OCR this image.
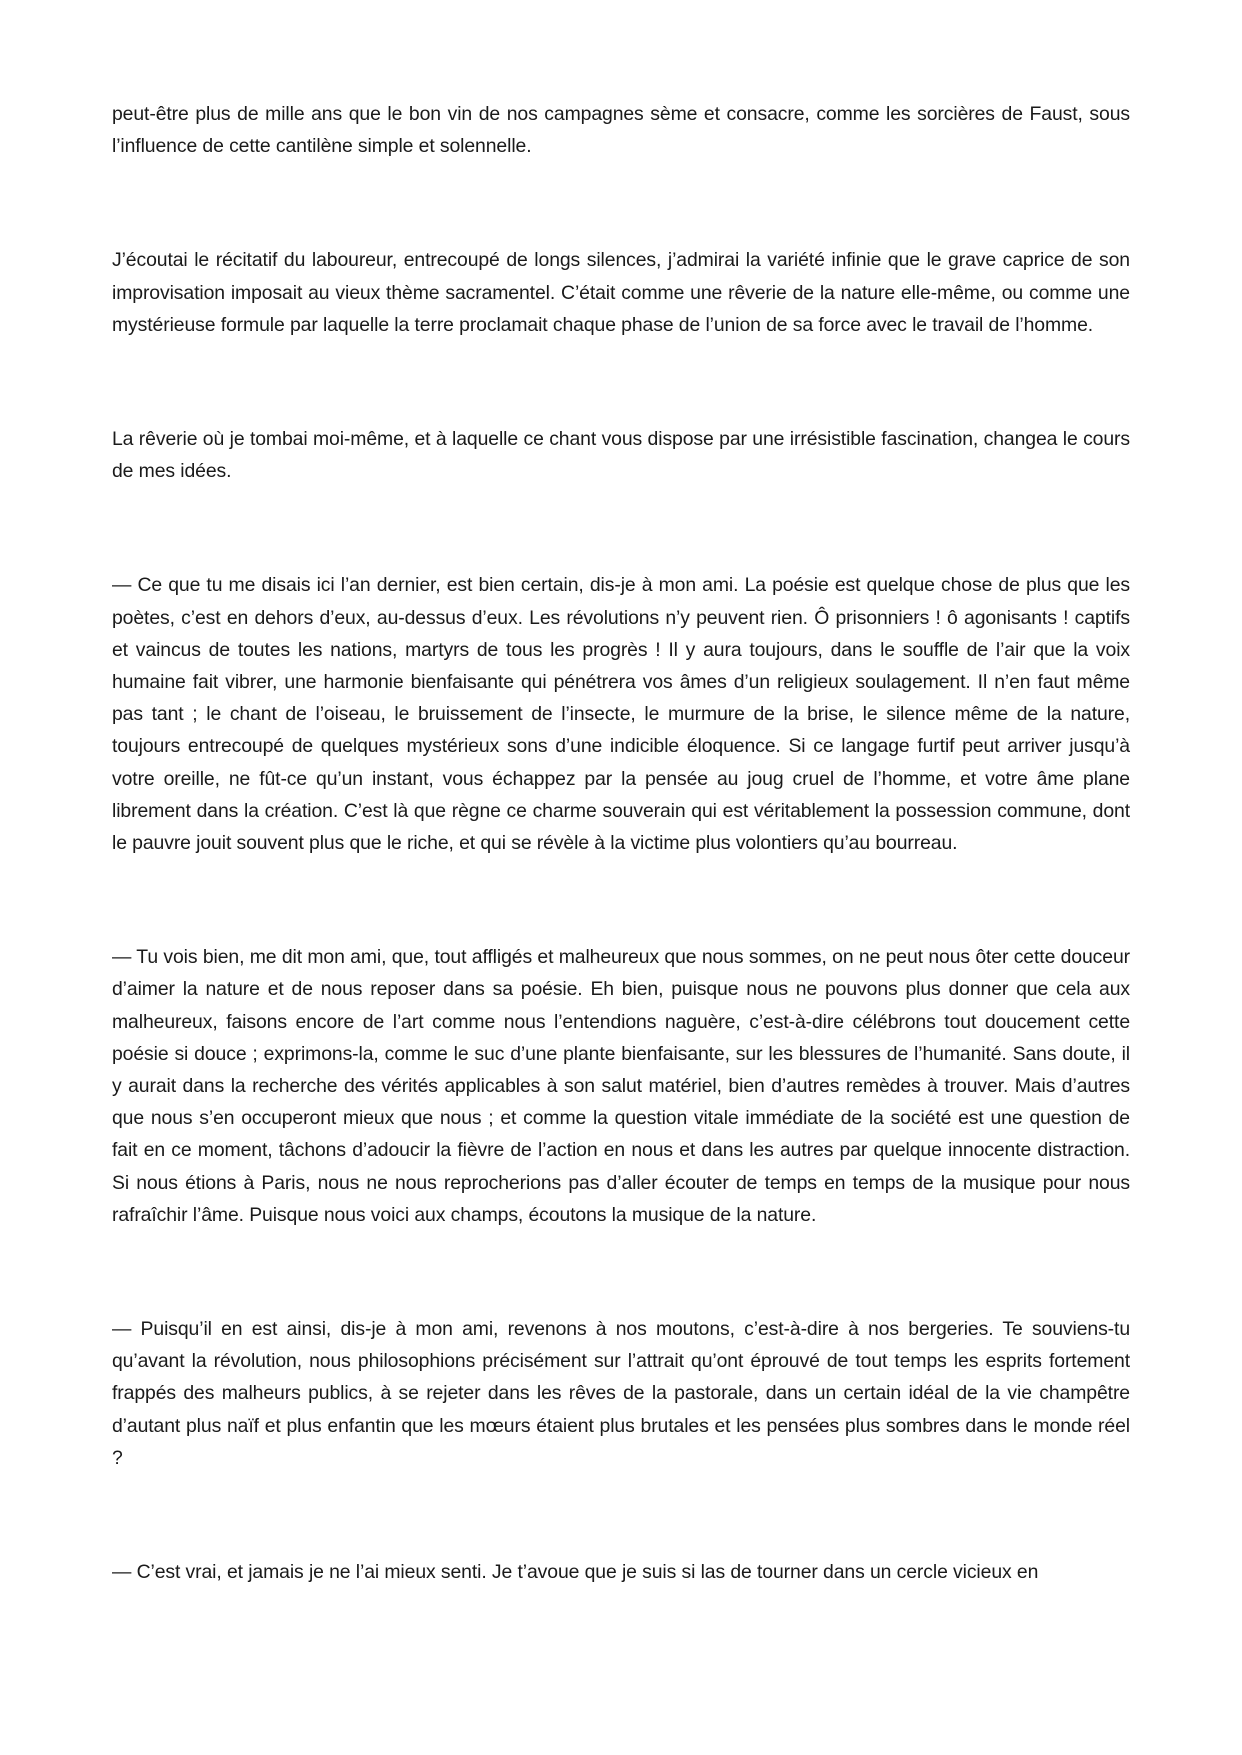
peut-être plus de mille ans que le bon vin de nos campagnes sème et consacre, comme les sorcières de Faust, sous l’influence de cette cantilène simple et solennelle.

J’écoutai le récitatif du laboureur, entrecoupé de longs silences, j’admirai la variété infinie que le grave caprice de son improvisation imposait au vieux thème sacramentel. C’était comme une rêverie de la nature elle-même, ou comme une mystérieuse formule par laquelle la terre proclamait chaque phase de l’union de sa force avec le travail de l’homme.

La rêverie où je tombai moi-même, et à laquelle ce chant vous dispose par une irrésistible fascination, changea le cours de mes idées.

— Ce que tu me disais ici l’an dernier, est bien certain, dis-je à mon ami. La poésie est quelque chose de plus que les poètes, c’est en dehors d’eux, au-dessus d’eux. Les révolutions n’y peuvent rien. Ô prisonniers ! ô agonisants ! captifs et vaincus de toutes les nations, martyrs de tous les progrès ! Il y aura toujours, dans le souffle de l’air que la voix humaine fait vibrer, une harmonie bienfaisante qui pénétrera vos âmes d’un religieux soulagement. Il n’en faut même pas tant ; le chant de l’oiseau, le bruissement de l’insecte, le murmure de la brise, le silence même de la nature, toujours entrecoupé de quelques mystérieux sons d’une indicible éloquence. Si ce langage furtif peut arriver jusqu’à votre oreille, ne fût-ce qu’un instant, vous échappez par la pensée au joug cruel de l’homme, et votre âme plane librement dans la création. C’est là que règne ce charme souverain qui est véritablement la possession commune, dont le pauvre jouit souvent plus que le riche, et qui se révèle à la victime plus volontiers qu’au bourreau.

— Tu vois bien, me dit mon ami, que, tout affligés et malheureux que nous sommes, on ne peut nous ôter cette douceur d’aimer la nature et de nous reposer dans sa poésie. Eh bien, puisque nous ne pouvons plus donner que cela aux malheureux, faisons encore de l’art comme nous l’entendions naguère, c’est-à-dire célébrons tout doucement cette poésie si douce ; exprimons-la, comme le suc d’une plante bienfaisante, sur les blessures de l’humanité. Sans doute, il y aurait dans la recherche des vérités applicables à son salut matériel, bien d’autres remèdes à trouver. Mais d’autres que nous s’en occuperont mieux que nous ; et comme la question vitale immédiate de la société est une question de fait en ce moment, tâchons d’adoucir la fièvre de l’action en nous et dans les autres par quelque innocente distraction. Si nous étions à Paris, nous ne nous reprocherions pas d’aller écouter de temps en temps de la musique pour nous rafraîchir l’âme. Puisque nous voici aux champs, écoutons la musique de la nature.

— Puisqu’il en est ainsi, dis-je à mon ami, revenons à nos moutons, c’est-à-dire à nos bergeries. Te souviens-tu qu’avant la révolution, nous philosophions précisément sur l’attrait qu’ont éprouvé de tout temps les esprits fortement frappés des malheurs publics, à se rejeter dans les rêves de la pastorale, dans un certain idéal de la vie champêtre d’autant plus naïf et plus enfantin que les mœurs étaient plus brutales et les pensées plus sombres dans le monde réel ?

— C’est vrai, et jamais je ne l’ai mieux senti. Je t’avoue que je suis si las de tourner dans un cercle vicieux en
